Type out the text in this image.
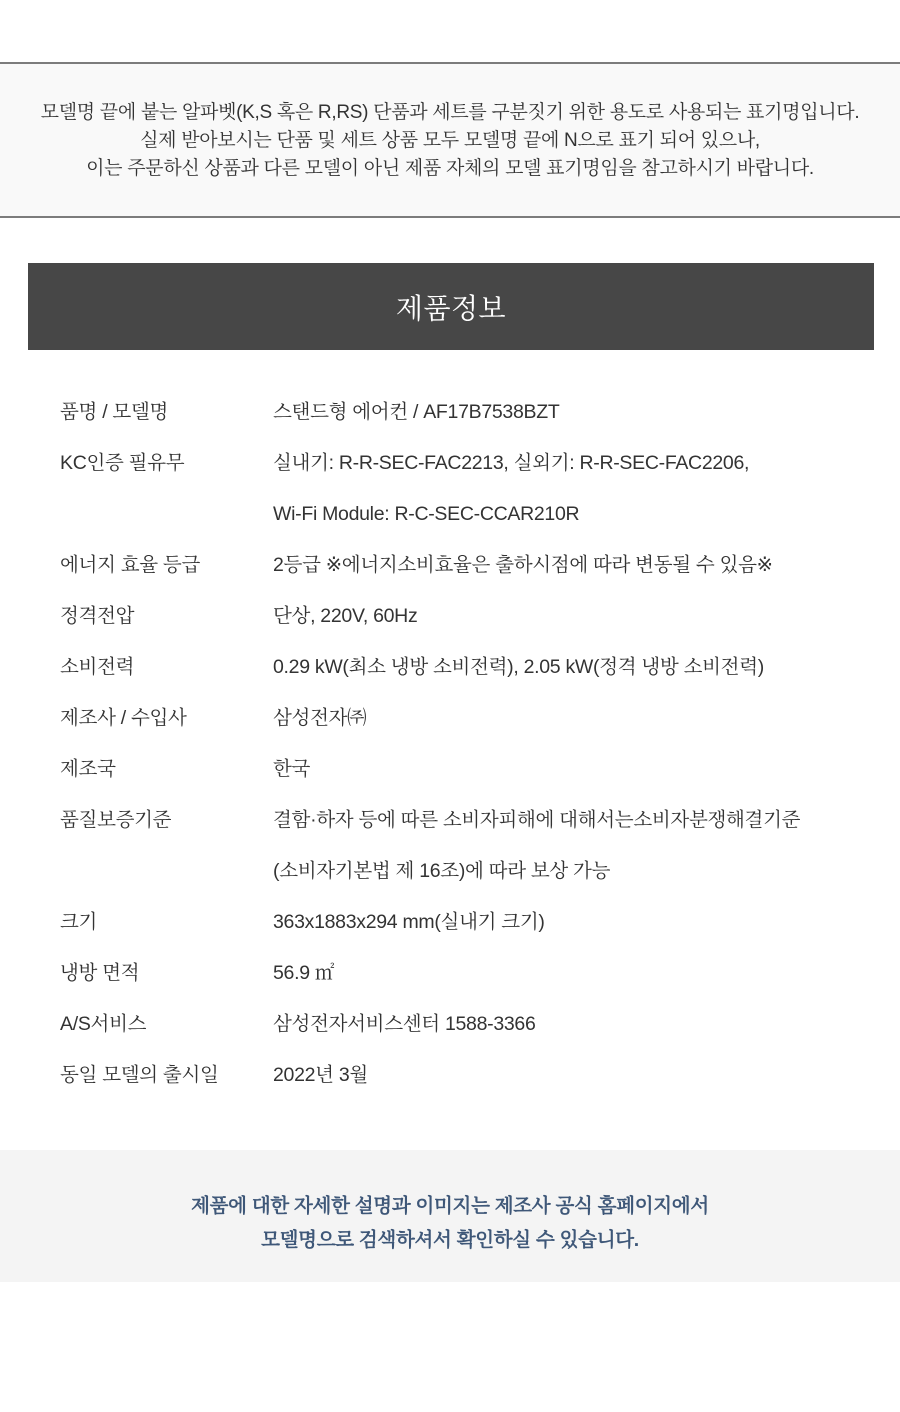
모델명 끝에 붙는 알파벳(K,S 혹은 R,RS) 단품과 세트를 구분짓기 위한 용도로 사용되는 표기명입니다.

실제 받아보시는 단품 및 세트 상품 모두 모델명 끝에 N으로 표기 되어 있으나,

이는 주문하신 상품과 다른 모델이 아닌 제품 자체의 모델 표기명임을 참고하시기 바랍니다.

제품정보
품명 / 모델명	스탠드형 에어컨 / AF17B7538BZT
KC인증 필유무	실내기: R-R-SEC-FAC2213, 실외기: R-R-SEC-FAC2206,
Wi-Fi Module: R-C-SEC-CCAR210R
에너지 효율 등급	2등급 ※에너지소비효율은 출하시점에 따라 변동될 수 있음※
정격전압	단상, 220V, 60Hz
소비전력	0.29 kW(최소 냉방 소비전력), 2.05 kW(정격 냉방 소비전력)
제조사 / 수입사	삼성전자㈜
제조국	한국
품질보증기준	결함·하자 등에 따른 소비자피해에 대해서는소비자분쟁해결기준
(소비자기본법 제 16조)에 따라 보상 가능
크기	363x1883x294 mm(실내기 크기)
냉방 면적	56.9 ㎡
A/S서비스	삼성전자서비스센터 1588-3366
동일 모델의 출시일	2022년 3월

제품에 대한 자세한 설명과 이미지는 제조사 공식 홈페이지에서

모델명으로 검색하셔서 확인하실 수 있습니다.
